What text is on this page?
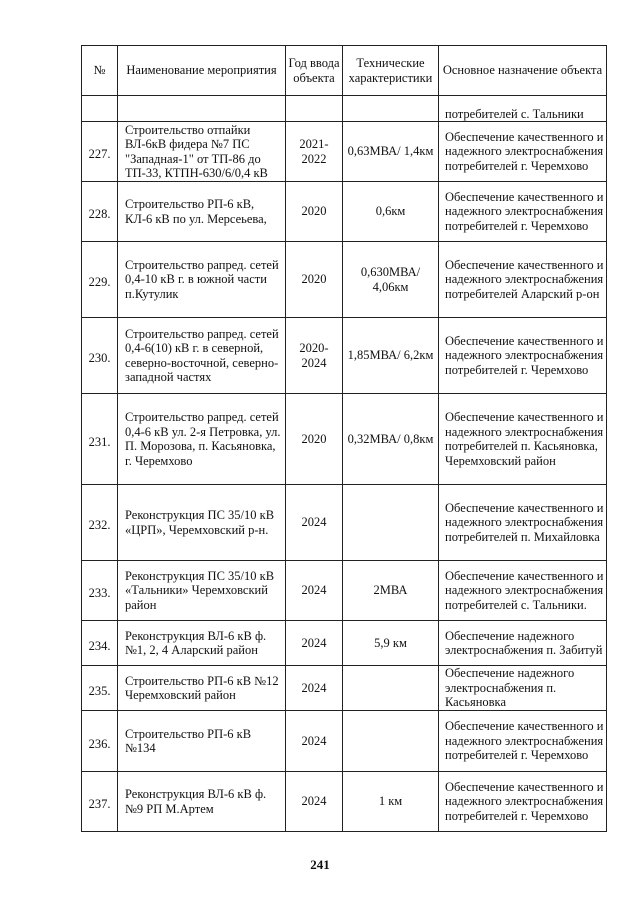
№	Наименование мероприятия	Год ввода объекта	Технические характеристики	Основное назначение объекта
				потребителей с. Тальники
227.	Строительство отпайки ВЛ-6кВ фидера №7 ПС "Западная-1" от ТП-86 до ТП-33, КТПН-630/6/0,4 кВ	2021-2022	0,63МВА/ 1,4км	Обеспечение качественного и надежного электроснабжения потребителей г. Черемхово
228.	Строительство РП-6 кВ, КЛ-6 кВ по ул. Мерсеьева,	2020	0,6км	Обеспечение качественного и надежного электроснабжения потребителей г. Черемхово
229.	Строительство рапред. сетей 0,4-10 кВ г. в южной части п.Кутулик	2020	0,630МВА/ 4,06км	Обеспечение качественного и надежного электроснабжения потребителей Аларский р-он
230.	Строительство рапред. сетей 0,4-6(10) кВ г. в северной, северно-восточной, северно-западной частях	2020-2024	1,85МВА/ 6,2км	Обеспечение качественного и надежного электроснабжения потребителей г. Черемхово
231.	Строительство рапред. сетей 0,4-6 кВ ул. 2-я Петровка, ул. П. Морозова, п. Касьяновка, г. Черемхово	2020	0,32МВА/ 0,8км	Обеспечение качественного и надежного электроснабжения потребителей п. Касьяновка, Черемховский район
232.	Реконструкция ПС 35/10 кВ «ЦРП», Черемховский р-н.	2024		Обеспечение качественного и надежного электроснабжения потребителей п. Михайловка
233.	Реконструкция ПС 35/10 кВ «Тальники» Черемховский район	2024	2МВА	Обеспечение качественного и надежного электроснабжения потребителей с. Тальники.
234.	Реконструкция ВЛ-6 кВ ф. №1, 2, 4 Аларский район	2024	5,9 км	Обеспечение надежного электроснабжения п. Забитуй
235.	Строительство РП-6 кВ №12 Черемховский район	2024		Обеспечение надежного электроснабжения п. Касьяновка
236.	Строительство РП-6 кВ №134	2024		Обеспечение качественного и надежного электроснабжения потребителей г. Черемхово
237.	Реконструкция ВЛ-6 кВ ф. №9 РП М.Артем	2024	1 км	Обеспечение качественного и надежного электроснабжения потребителей г. Черемхово
241
